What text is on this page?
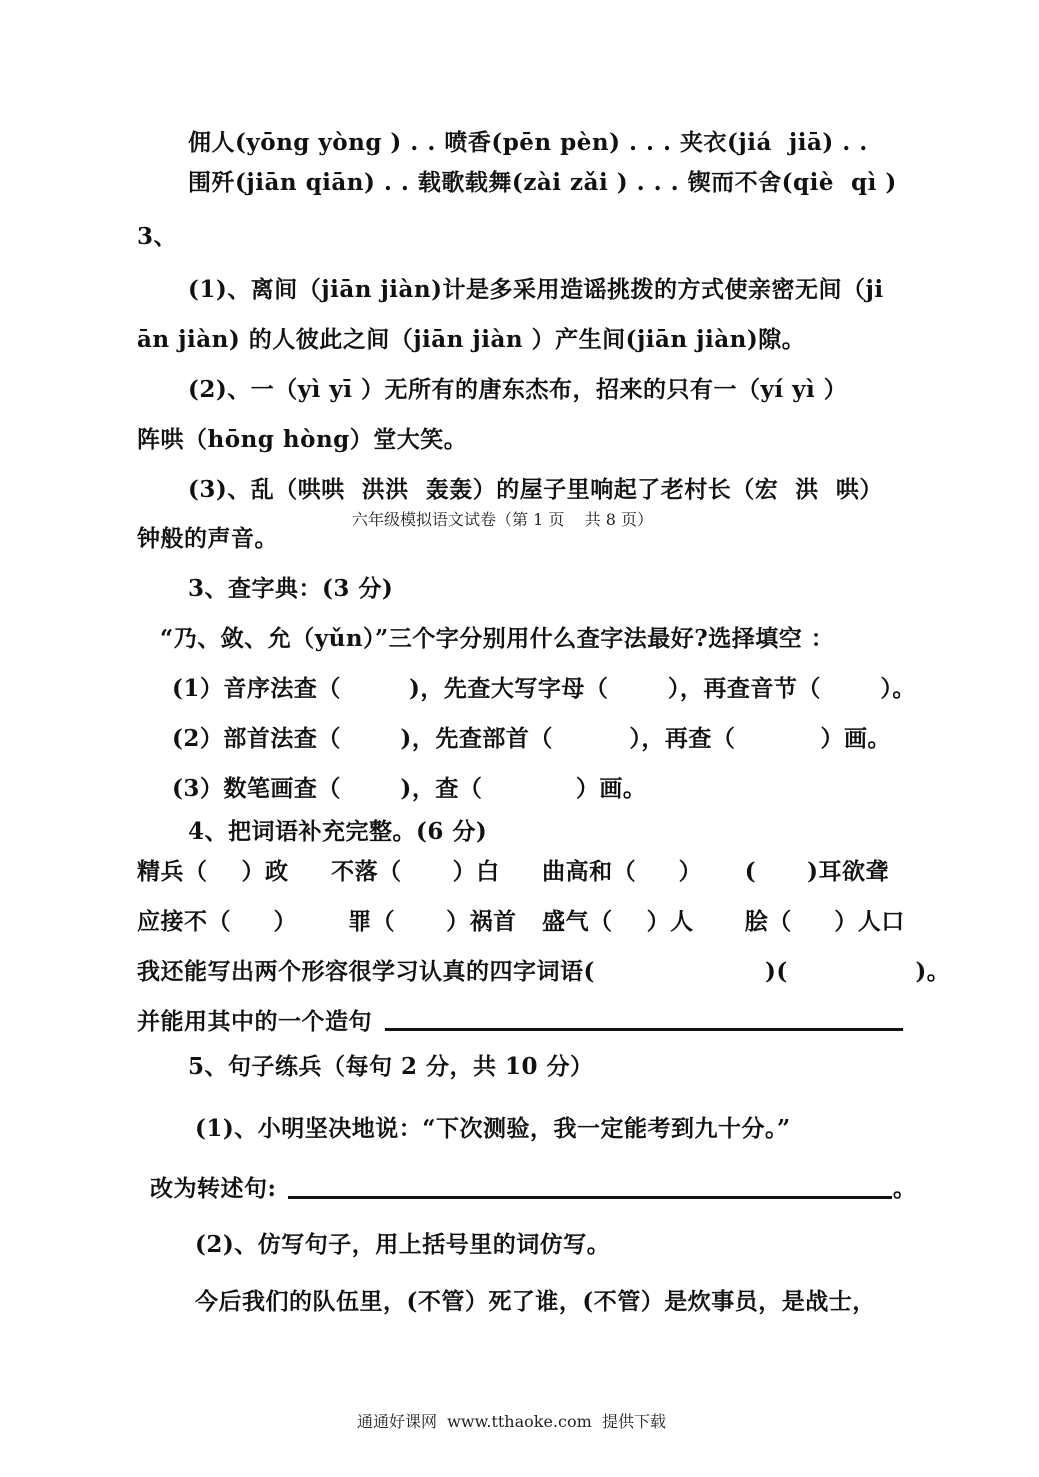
佣人(yōng yòng ) . . 喷香(pēn pèn) . . . 夹衣(jiá  jiā) . .
围歼(jiān qiān) . . 载歌载舞(zài zǎi ) . . . 锲而不舍(qiè  qì )
3、
(1)、离间（jiān jiàn)计是多采用造谣挑拨的方式使亲密无间（ji
ān jiàn) 的人彼此之间（jiān jiàn ）产生间(jiān jiàn)隙。
(2)、一（yì yī ）无所有的唐东杰布，招来的只有一（yí yì ）
阵哄（hōng hòng）堂大笑。
(3)、乱（哄哄  洪洪  轰轰）的屋子里响起了老村长（宏  洪  哄）
六年级模拟语文试卷（第 1 页    共 8 页）
钟般的声音。
3、查字典：(3 分)
“乃、敛、允（yǔn）”三个字分别用什么查字法最好?选择填空 ：
(1）音序法查（        )，先查大写字母（       ），再查音节（       ）。
(2）部首法查（       )，先查部首（         ），再查（          ）画。
(3）数笔画查（       )，查（           ）画。
4、把词语补充完整。(6 分)
精兵（    ）政     不落（      ）白     曲高和（     ）     (      )耳欲聋
应接不（     ）      罪（      ）祸首   盛气（    ）人      脍（     ）人口
我还能写出两个形容很学习认真的四字词语(                    )(               )。
并能用其中的一个造句
5、句子练兵（每句 2 分，共 10 分）
(1)、小明坚决地说：“下次测验，我一定能考到九十分。”
改为转述句:	。
(2)、仿写句子，用上括号里的词仿写。
今后我们的队伍里，(不管）死了谁，(不管）是炊事员，是战士，
通通好课网  www.tthaoke.com  提供下载
